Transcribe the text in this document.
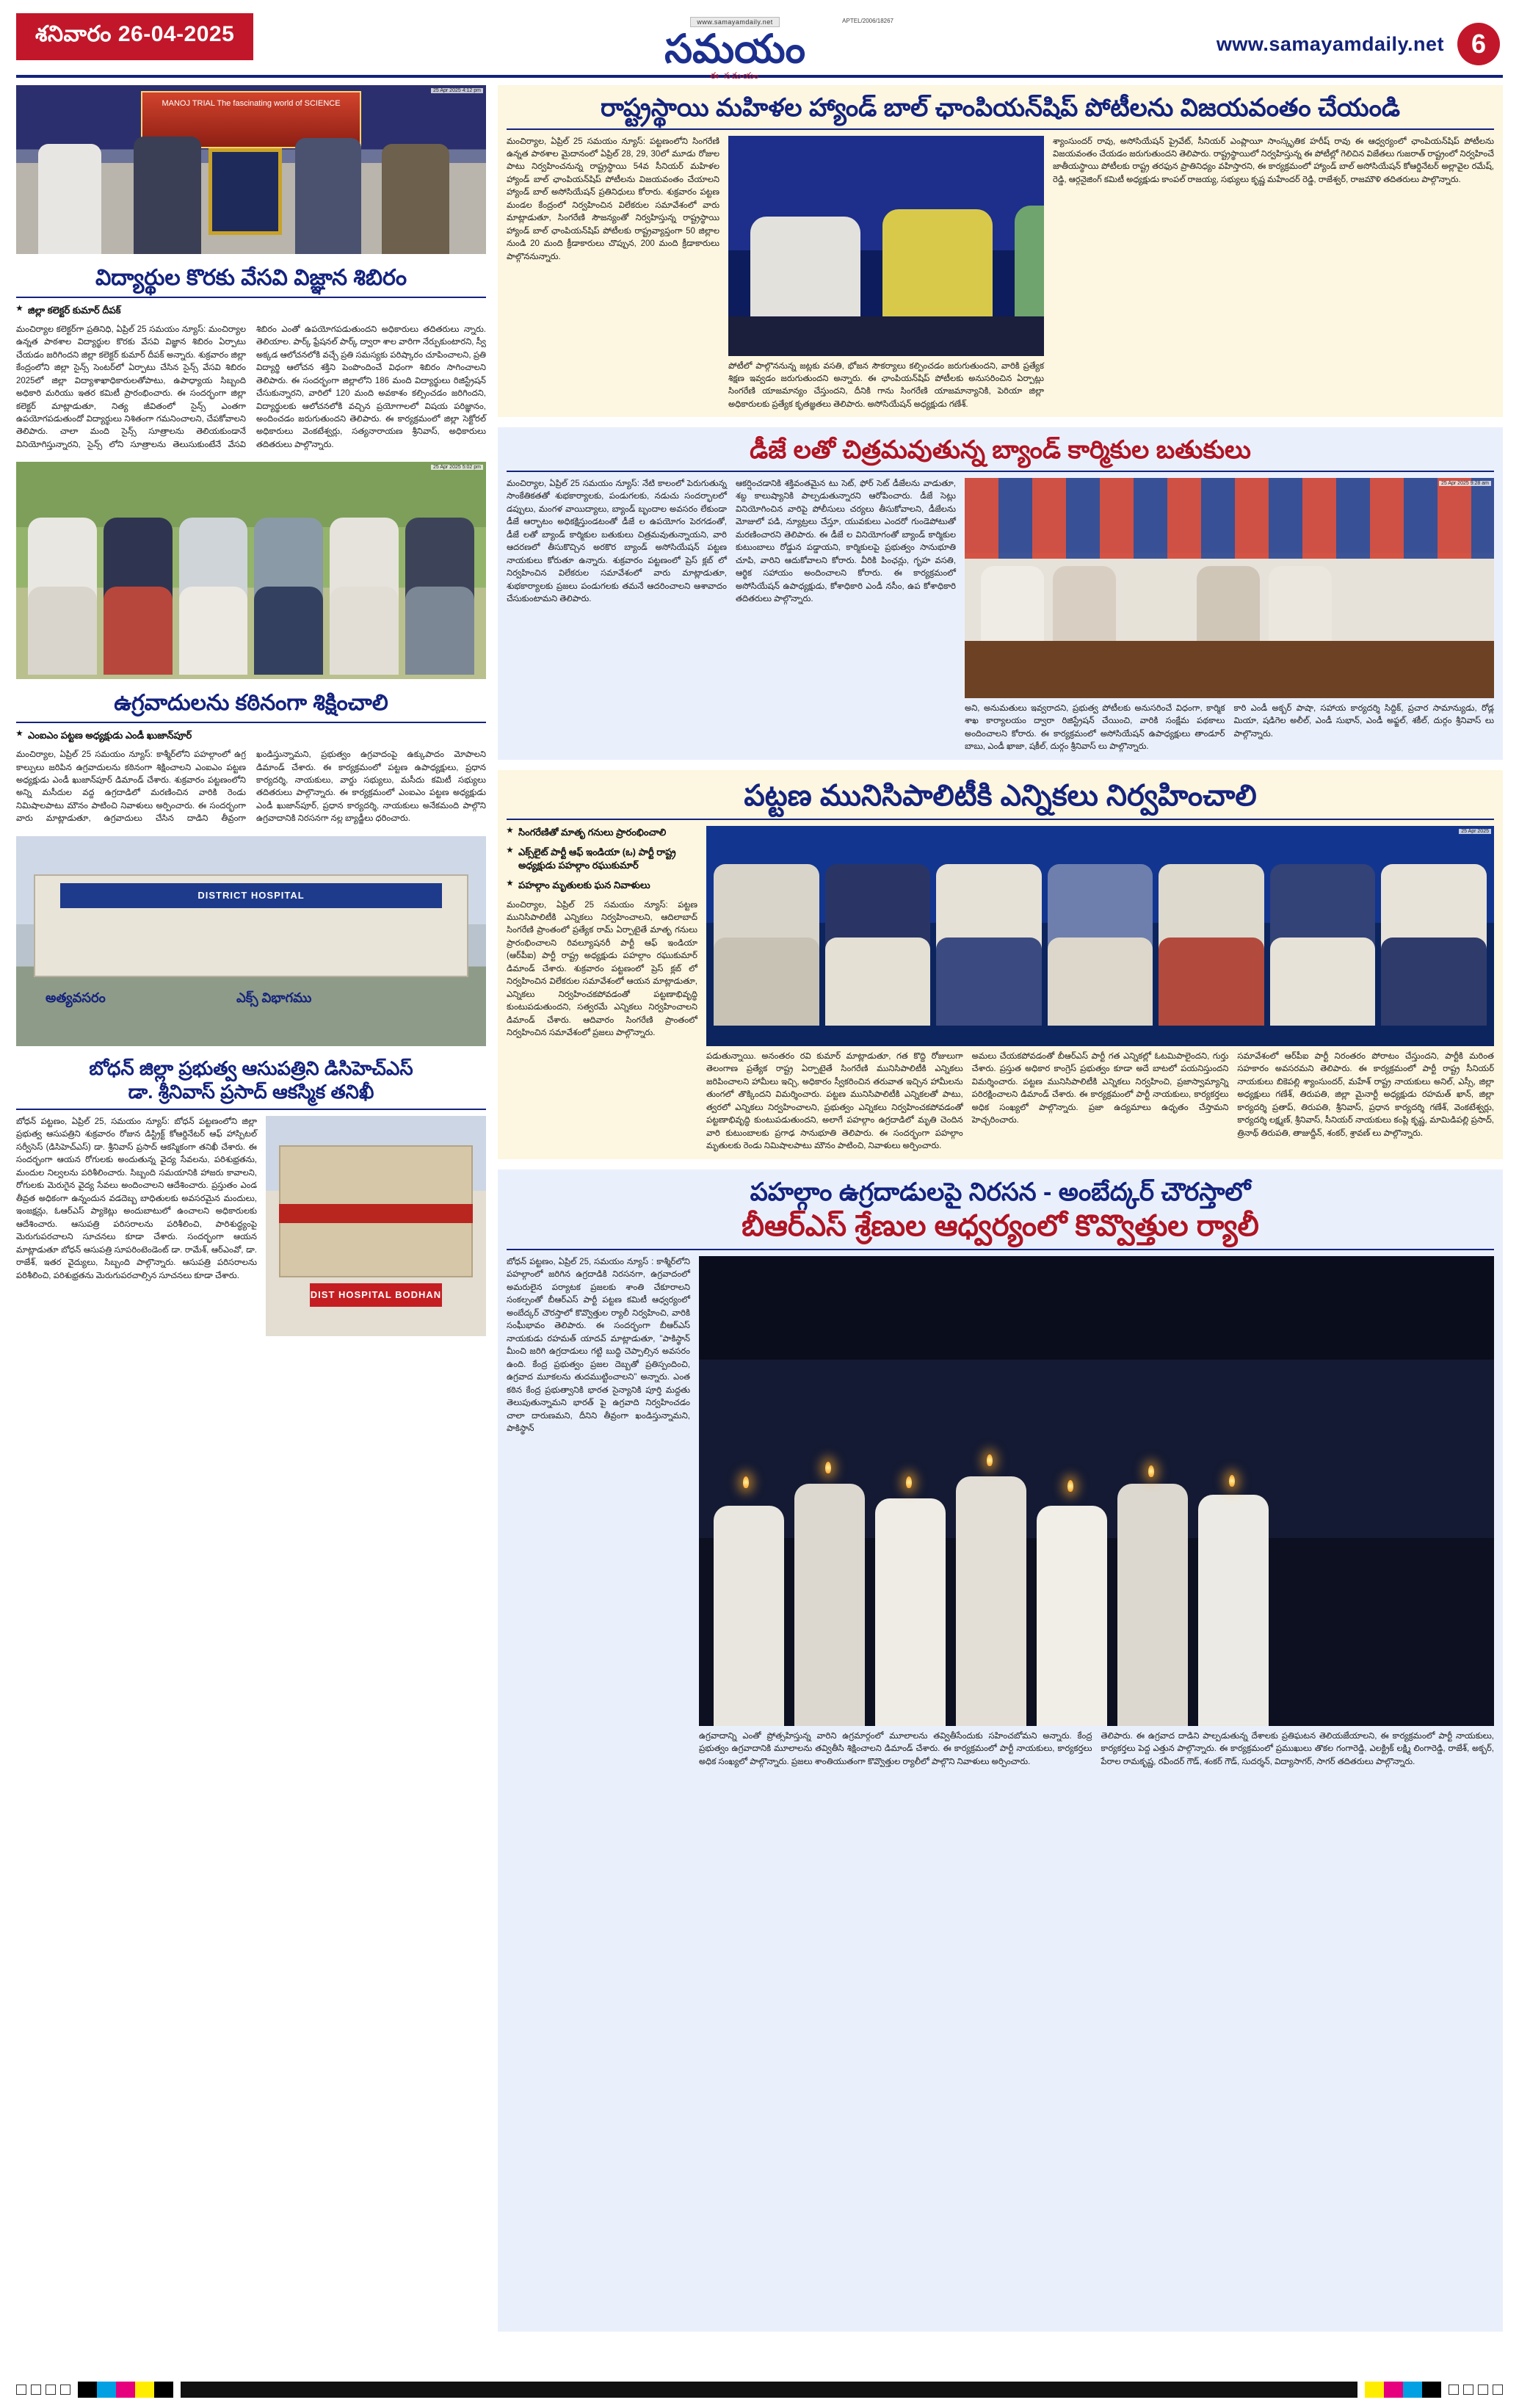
శనివారం 26-04-2025	www.samayamdaily.net
సమయం
ఈ సమయం
APTEL/2006/18267
www.samayamdaily.net	6
MANOJ TRIAL The fascinating world of SCIENCE
25 Apr 2025 4:12 pm
విద్యార్థుల కొరకు వేసవి విజ్ఞాన శిబిరం
★ జిల్లా కలెక్టర్ కుమార్ దీపక్
మంచిర్యాల కలెక్టర్‌గా ప్రతినిధి, ఏప్రిల్ 25 సమయం న్యూస్: మంచిర్యాల ఉన్నత పాఠశాల విద్యార్థుల కొరకు వేసవి విజ్ఞాన శిబిరం ఏర్పాటు చేయడం జరిగిందని జిల్లా కలెక్టర్ కుమార్ దీపక్ అన్నారు. శుక్రవారం జిల్లా కేంద్రంలోని జిల్లా సైన్స్ సెంటర్‌లో ఏర్పాటు చేసిన సైన్స్ వేసవి శిబిరం 2025లో జిల్లా విద్యాశాఖాధికారులతోపాటు, ఉపాధ్యాయ సిబ్బంది అధికారి మరియు ఇతర కమిటీ ప్రారంభించారు. ఈ సందర్భంగా జిల్లా కలెక్టర్ మాట్లాడుతూ, నిత్య జీవితంలో సైన్స్ ఎంతగా ఉపయోగపడుతుందో విద్యార్థులు నిశితంగా గమనించాలని, చేపకోవాలని తెలిపారు. చాలా మంది సైన్స్ సూత్రాలను తెలియకుండానే వినియోగిస్తున్నారని, సైన్స్ లోని సూత్రాలను తెలుసుకుంటేనే వేసవి శిబిరం ఎంతో ఉపయోగపడుతుందని అధికారులు తదితరులు న్నారు. తెలియాల. పార్క్ ఫ్రేషనల్ పార్క్ ద్వారా శాల వారిగా నేర్పుకుంటారని, స్వీ అక్కడ ఆలోచనలోకి వచ్చే ప్రతి సమస్యకు పరిష్కారం చూపించాలని, ప్రతి విద్యార్థి ఆలోచన శక్తిని పెంపొందించే విధంగా శిబిరం సాగించాలని తెలిపారు. ఈ సందర్భంగా జిల్లాలోని 186 మంది విద్యార్థులు రిజిస్ట్రేషన్ చేసుకున్నారని, వారిలో 120 మంది అవకాశం కల్పించడం జరిగిందని, విద్యార్థులకు ఆలోచనలోకి వచ్చిన ప్రయోగాలలో విషయ పరిజ్ఞానం, అందించడం జరుగుతుందని తెలిపారు. ఈ కార్యక్రమంలో జిల్లా సెక్టోరల్ అధికారులు వెంకటేశ్వర్లు, సత్యనారాయణ శ్రీనివాస్, అధికారులు తదితరులు పాల్గొన్నారు.
25 Apr 2025 5:02 pm
ఉగ్రవాదులను కఠినంగా శిక్షించాలి
★ ఎంఐఎం పట్టణ అధ్యక్షుడు ఎండీ ఖుజాన్‌పూర్
మంచిర్యాల, ఏప్రిల్ 25 సమయం న్యూస్: కాశ్మీర్‌లోని పహల్గాంలో ఉగ్ర కాల్పులు జరిపిన ఉగ్రవాదులను కఠినంగా శిక్షించాలని ఎంఐఎం పట్టణ అధ్యక్షుడు ఎండీ ఖుజాన్‌పూర్ డిమాండ్ చేశారు. శుక్రవారం పట్టణంలోని అన్ని మసీదుల వద్ద ఉగ్రదాడిలో మరణించిన వారికి రెండు నిమిషాలపాటు మౌనం పాటించి నివాళులు అర్పించారు. ఈ సందర్భంగా వారు మాట్లాడుతూ, ఉగ్రవాదులు చేసిన దాడిని తీవ్రంగా ఖండిస్తున్నామని, ప్రభుత్వం ఉగ్రవాదంపై ఉక్కుపాదం మోపాలని డిమాండ్ చేశారు. ఈ కార్యక్రమంలో పట్టణ ఉపాధ్యక్షులు, ప్రధాన కార్యదర్శి, నాయకులు, వార్డు సభ్యులు, మసీదు కమిటీ సభ్యులు తదితరులు పాల్గొన్నారు. ఈ కార్యక్రమంలో ఎంఐఎం పట్టణ అధ్యక్షుడు ఎండీ ఖుజాన్‌పూర్, ప్రధాన కార్యదర్శి, నాయకులు అనేకమంది పాల్గొని ఉగ్రవాదానికి నిరసనగా నల్ల బ్యాడ్జీలు ధరించారు.
DISTRICT HOSPITAL
అత్యవసరం	ఎక్స్ విభాగము
బోధన్ జిల్లా ప్రభుత్వ ఆసుపత్రిని డిసిహెచ్ఎస్
డా. శ్రీనివాస్ ప్రసాద్ ఆకస్మిక తనిఖీ
బోధన్ పట్టణం, ఏప్రిల్ 25, సమయం న్యూస్: బోధన్ పట్టణంలోని జిల్లా ప్రభుత్వ ఆసుపత్రిని శుక్రవారం రోజున డిస్ట్రిక్ట్ కోఆర్డినేటర్ ఆఫ్ హాస్పిటల్ సర్వీసెస్ (డిసిహెచ్ఎస్) డా. శ్రీనివాస్ ప్రసాద్ ఆకస్మికంగా తనిఖీ చేశారు. ఈ సందర్భంగా ఆయన రోగులకు అందుతున్న వైద్య సేవలను, పరిశుభ్రతను, మందుల నిల్వలను పరిశీలించారు. సిబ్బంది సమయానికి హాజరు కావాలని, రోగులకు మెరుగైన వైద్య సేవలు అందించాలని ఆదేశించారు. ప్రస్తుతం ఎండ తీవ్రత అధికంగా ఉన్నందున వడదెబ్బ బాధితులకు అవసరమైన మందులు, ఇంజక్షన్లు, ఓఆర్ఎస్ ప్యాకెట్లు అందుబాటులో ఉంచాలని అధికారులకు ఆదేశించారు. ఆసుపత్రి పరిసరాలను పరిశీలించి, పారిశుద్ధ్యంపై మెరుగుపరచాలని సూచనలు కూడా చేశారు. సందర్భంగా ఆయన మాట్లాడుతూ బోధన్ ఆసుపత్రి సూపరింటెండెంట్ డా. రామేశ్, ఆర్ఎంవో, డా. రాజేశ్, ఇతర వైద్యులు, సిబ్బంది పాల్గొన్నారు. ఆసుపత్రి పరిసరాలను పరిశీలించి, పరిశుభ్రతను మెరుగుపరచాల్సిన సూచనలు కూడా చేశారు.
DIST HOSPITAL BODHAN
రాష్ట్రస్థాయి మహిళల హ్యాండ్ బాల్ ఛాంపియన్‌షిప్ పోటీలను విజయవంతం చేయండి
మంచిర్యాల, ఏప్రిల్ 25 సమయం న్యూస్: పట్టణంలోని సింగరేణి ఉన్నత పాఠశాల మైదానంలో ఏప్రిల్ 28, 29, 30లో మూడు రోజుల పాటు నిర్వహించనున్న రాష్ట్రస్థాయి 54వ సీనియర్ మహిళల హ్యాండ్ బాల్ ఛాంపియన్‌షిప్ పోటీలను విజయవంతం చేయాలని హ్యాండ్ బాల్ అసోసియేషన్ ప్రతినిధులు కోరారు. శుక్రవారం పట్టణ మండల కేంద్రంలో నిర్వహించిన విలేకరుల సమావేశంలో వారు మాట్లాడుతూ, సింగరేణి సౌజన్యంతో నిర్వహిస్తున్న రాష్ట్రస్థాయి హ్యాండ్ బాల్ ఛాంపియన్‌షిప్ పోటీలకు రాష్ట్రవ్యాప్తంగా 50 జిల్లాల నుండి 20 మంది క్రీడాకారులు చొప్పున, 200 మంది క్రీడాకారులు పాల్గొననున్నారు.
పోటీలో పాల్గొననున్న జట్లకు వసతి, భోజన సౌకర్యాలు కల్పించడం జరుగుతుందని, వారికి ప్రత్యేక శిక్షణ ఇవ్వడం జరుగుతుందని అన్నారు. ఈ ఛాంపియన్‌షిప్ పోటీలకు అనుసరించిన ఏర్పాట్లు సింగరేణి యాజమాన్యం చేస్తుందని, దీనికి గాను సింగరేణి యాజమాన్యానికి, పెరియా జిల్లా అధికారులకు ప్రత్యేక కృతజ్ఞతలు తెలిపారు. అసోసియేషన్ అధ్యక్షుడు గణేశ్.
శ్యాంసుందర్ రావు, అసోసియేషన్ ప్రైవేట్, సీనియర్ ఎంప్లాయీ సాంస్కృతిక హరీష్ రావు ఈ ఆధ్వర్యంలో ఛాంపియన్‌షిప్ పోటీలను విజయవంతం చేయడం జరుగుతుందని తెలిపారు. రాష్ట్రస్థాయిలో నిర్వహిస్తున్న ఈ పోటీల్లో గెలిచిన విజేతలు గుజరాత్ రాష్ట్రంలో నిర్వహించే జాతీయస్థాయి పోటీలకు రాష్ట్ర తరఫున ప్రాతినిధ్యం వహిస్తారని, ఈ కార్యక్రమంలో హ్యాండ్ బాల్ అసోసియేషన్ కోఆర్డినేటర్ అల్లావైల రమేష్, రెడ్డి, ఆర్గనైజింగ్ కమిటీ అధ్యక్షుడు కాంపల్ రాజయ్య, సభ్యులు కృష్ణ మహేందర్ రెడ్డి, రాజేశ్వర్, రాజమౌళి తదితరులు పాల్గొన్నారు.
డీజే లతో చిత్రమవుతున్న బ్యాండ్ కార్మికుల బతుకులు
మంచిర్యాల, ఏప్రిల్ 25 సమయం న్యూస్: నేటి కాలంలో పెరుగుతున్న సాంకేతికతతో శుభకార్యాలకు, పండుగలకు, నడుచు సందర్భాలలో డప్పులు, మంగళ వాయిద్యాలు, బ్యాండ్ బృందాల అవసరం లేకుండా డీజే ఆర్భాటం అధికక్షిస్తుండటంతో డీజే ల ఉపయోగం పెరగడంతో, డీజే లతో బ్యాండ్ కార్మికుల బతుకులు చిత్రమవుతున్నాయని, వారి ఆదరణలో తీసుకొచ్చిన అరకొర బ్యాండ్ అసోసియేషన్ పట్టణ నాయకులు కోరుతూ ఉన్నారు. శుక్రవారం పట్టణంలో ప్రెస్ క్లబ్ లో నిర్వహించిన విలేకరుల సమావేశంలో వారు మాట్లాడుతూ, శుభకార్యాలకు ప్రజలు పండుగలకు తమనే ఆదరించాలని ఆశావాదం చేసుకుంటామని తెలిపారు.
ఆకర్షించడానికి శక్తివంతమైన టు సెట్, ఫోర్ సెట్ డీజేలను వాడుతూ, శబ్ద కాలుష్యానికి పాల్పడుతున్నారని ఆరోపించారు. డీజే సెట్లు వినియోగించిన వారిపై పోలీసులు చర్యలు తీసుకోవాలని, డీజేలను మోజులో పడి, న్యూట్రలు చేస్తూ, యువకులు ఎందరో గుండెపోటుతో మరణించారని తెలిపారు. ఈ డీజే ల వినియోగంతో బ్యాండ్ కార్మికుల కుటుంబాలు రోడ్డున పడ్డాయని, కార్మికులపై ప్రభుత్వం సానుభూతి చూపి, వారిని ఆదుకోవాలని కోరారు. వీరికి పింఛన్లు, గృహ వసతి, ఆర్థిక సహాయం అందించాలని కోరారు. ఈ కార్యక్రమంలో అసోసియేషన్ ఉపాధ్యక్షుడు, కోశాధికారి ఎండీ నసీం, ఉప కోశాధికారి తదితరులు పాల్గొన్నారు.
25 Apr 2025 9:28 am
అని, అనుమతులు ఇవ్వరాదని, ప్రభుత్వ పోటీలకు అనుసరించే విధంగా, కార్మిక శాఖ కార్యాలయం ద్వారా రిజిస్ట్రేషన్ చేయించి, వారికి సంక్షేమ పథకాలు అందించాలని కోరారు. ఈ కార్యక్రమంలో అసోసియేషన్ ఉపాధ్యక్షులు తాండూర్ బాబు, ఎండీ ఖాజా, షకీల్, దుర్గం శ్రీనివాస్ లు పాల్గొన్నారు.
కారి ఎండీ అక్బర్ పాషా, సహాయ కార్యదర్శి సిద్దిక్, ప్రచార సామాన్యుడు, రోడ్ల మియా, షడిగెల అలీల్, ఎండీ సుభాన్, ఎండీ అఫ్జల్, శకీల్, దుర్గం శ్రీనివాస్ లు పాల్గొన్నారు.
పట్టణ మునిసిపాలిటీకి ఎన్నికలు నిర్వహించాలి
★ సింగరేణితో మాతృ గనులు ప్రారంభించాలి
★ ఎక్స్‌లైట్ పార్టీ ఆఫ్ ఇండియా (ఒ) పార్టీ రాష్ట్ర అధ్యక్షుడు పహల్గాం రఘుకుమార్
★ పహల్గాం మృతులకు ఘన నివాళులు
మంచిర్యాల, ఏప్రిల్ 25 సమయం న్యూస్: పట్టణ మునిసిపాలిటీకి ఎన్నికలు నిర్వహించాలని, ఆదిలాబాద్ సింగరేణి ప్రాంతంలో ప్రత్యేక రామ్ ఏర్పాటైతే మాతృ గనులు ప్రారంభించాలని రివల్యూషనరీ పార్టీ ఆఫ్ ఇండియా (ఆర్‌పీఐ) పార్టీ రాష్ట్ర అధ్యక్షుడు పహల్గాం రఘుకుమార్ డిమాండ్ చేశారు. శుక్రవారం పట్టణంలో ప్రెస్ క్లబ్ లో నిర్వహించిన విలేకరుల సమావేశంలో ఆయన మాట్లాడుతూ, ఎన్నికలు నిర్వహించకపోవడంతో పట్టణాభివృద్ధి కుంటుపడుతుందని, సత్వరమే ఎన్నికలు నిర్వహించాలని డిమాండ్ చేశారు. ఆదివారం సింగరేణి ప్రాంతంలో నిర్వహించిన సమావేశంలో ప్రజలు పాల్గొన్నారు.
25 Apr 2025
పడుతున్నాయి. అనంతరం రవి కుమార్ మాట్లాడుతూ, గత కొద్ది రోజులుగా తెలంగాణ ప్రత్యేక రాష్ట్ర ఏర్పాటైతే సింగరేణి మునిసిపాలిటీకి ఎన్నికలు జరిపించాలని హామీలు ఇచ్చి, అధికారం స్వీకరించిన తరువాత ఇచ్చిన హామీలను తుంగలో తొక్కిందని విమర్శించారు. పట్టణ మునిసిపాలిటీకి ఎన్నికలతో పాటు, త్వరలో ఎన్నికలు నిర్వహించాలని, ప్రభుత్వం ఎన్నికలు నిర్వహించకపోవడంతో పట్టణాభివృద్ధి కుంటుపడుతుందని, అలాగే పహల్గాం ఉగ్రదాడిలో మృతి చెందిన వారి కుటుంబాలకు ప్రగాఢ సానుభూతి తెలిపారు. ఈ సందర్భంగా పహల్గాం మృతులకు రెండు నిమిషాలపాటు మౌనం పాటించి, నివాళులు అర్పించారు.
అమలు చేయకపోవడంతో బీఆర్ఎస్ పార్టీ గత ఎన్నికల్లో ఓటమిపాలైందని, గుర్తు చేశారు. ప్రస్తుత అధికార కాంగ్రెస్ ప్రభుత్వం కూడా అదే బాటలో పయనిస్తుందని విమర్శించారు. పట్టణ మునిసిపాలిటీకి ఎన్నికలు నిర్వహించి, ప్రజాస్వామ్యాన్ని పరిరక్షించాలని డిమాండ్ చేశారు. ఈ కార్యక్రమంలో పార్టీ నాయకులు, కార్యకర్తలు అధిక సంఖ్యలో పాల్గొన్నారు. ప్రజా ఉద్యమాలు ఉధృతం చేస్తామని హెచ్చరించారు.
సమావేశంలో ఆర్‌పీఐ పార్టీ నిరంతరం పోరాటం చేస్తుందని, పార్టీకి మరింత సహకారం అవసరమని తెలిపారు. ఈ కార్యక్రమంలో పార్టీ రాష్ట్ర సీనియర్ నాయకులు బికెపల్లి శ్యాంసుందర్, మహేశ్ రాష్ట్ర నాయకులు అనిల్, ఎస్సీ, జిల్లా అధ్యక్షులు గణేశ్, తిరుపతి, జిల్లా మైనార్టీ అధ్యక్షుడు రహమత్ ఖాన్, జిల్లా కార్యదర్శి ప్రతాప్, తిరుపతి, శ్రీనివాస్, ప్రధాన కార్యదర్శి గణేశ్, వెంకటేశ్వర్లు, కార్యదర్శి లక్ష్మణ్, శ్రీనివాస్, సీనియర్ నాయకులు కంప్లి కృష్ణ, మామిడిపల్లి ప్రసాద్, త్రినాథ్ తిరుపతి, తాజుద్దీన్, శంకర్, శ్రావణ్ లు పాల్గొన్నారు.
పహల్గాం ఉగ్రదాడులపై నిరసన - అంబేద్కర్ చౌరస్తాలో
బీఆర్ఎస్ శ్రేణుల ఆధ్వర్యంలో కొవ్వొత్తుల ర్యాలీ
బోధన్ పట్టణం, ఏప్రిల్ 25, సమయం న్యూస్ : కాశ్మీర్‌లోని పహల్గాంలో జరిగిన ఉగ్రదాడికి నిరసనగా, ఉగ్రవాదంలో అమరులైన పర్యాటక ప్రజలకు శాంతి చేకూరాలని సంకల్పంతో బీఆర్ఎస్ పార్టీ పట్టణ కమిటీ ఆధ్వర్యంలో అంబేద్కర్ చౌరస్తాలో కొవ్వొత్తుల ర్యాలీ నిర్వహించి, వారికి సంఘీభావం తెలిపారు. ఈ సందర్భంగా బీఆర్ఎస్ నాయకుడు రహమత్ యాదవ్ మాట్లాడుతూ, "పాకిస్థాన్ మీంచి జరిగి ఉగ్రదాడులు గట్టి బుద్ధి చెప్పాల్సిన అవసరం ఉంది. కేంద్ర ప్రభుత్వం ప్రజల దెబ్బతో ప్రతిస్పందించి, ఉగ్రవాద మూకలను తుదముట్టించాలని" అన్నారు. ఎంత కఠిన కేంద్ర ప్రభుత్వానికి భారత సైన్యానికి పూర్తి మద్దతు తెలుపుతున్నామని భారత్ పై ఉగ్రవాది నిర్వహించడం చాలా దారుణమని, దీనిని తీవ్రంగా ఖండిస్తున్నామని, పాకిస్థాన్
ఉగ్రవాదాన్ని ఎంతో ప్రోత్సహిస్తున్న వారిని ఉగ్రమార్గంలో మూలాలను తవ్వితీసేందుకు సహించబోమని అన్నారు. కేంద్ర ప్రభుత్వం ఉగ్రవాదానికి మూలాలను తవ్వితీసి శిక్షించాలని డిమాండ్ చేశారు. ఈ కార్యక్రమంలో పార్టీ నాయకులు, కార్యకర్తలు అధిక సంఖ్యలో పాల్గొన్నారు. ప్రజలు శాంతియుతంగా కొవ్వొత్తుల ర్యాలీలో పాల్గొని నివాళులు అర్పించారు.
తెలిపారు. ఈ ఉగ్రవాద దాడిని పాల్పడుతున్న దేశాలకు ప్రతిఘటన తెలియజేయాలని, ఈ కార్యక్రమంలో పార్టీ నాయకులు, కార్యకర్తలు పెద్ద ఎత్తున పాల్గొన్నారు. ఈ కార్యక్రమంలో ప్రముఖులు తొకల గంగారెడ్డి, ఎలక్ట్రిక్ లక్ష్మి లింగారెడ్డి, రాజేశ్, అక్బర్, పేరాల రామకృష్ణ, రవీందర్ గౌడ్, శంకర్ గౌడ్, సుదర్శన్, విద్యాసాగర్, సాగర్ తదితరులు పాల్గొన్నారు.
